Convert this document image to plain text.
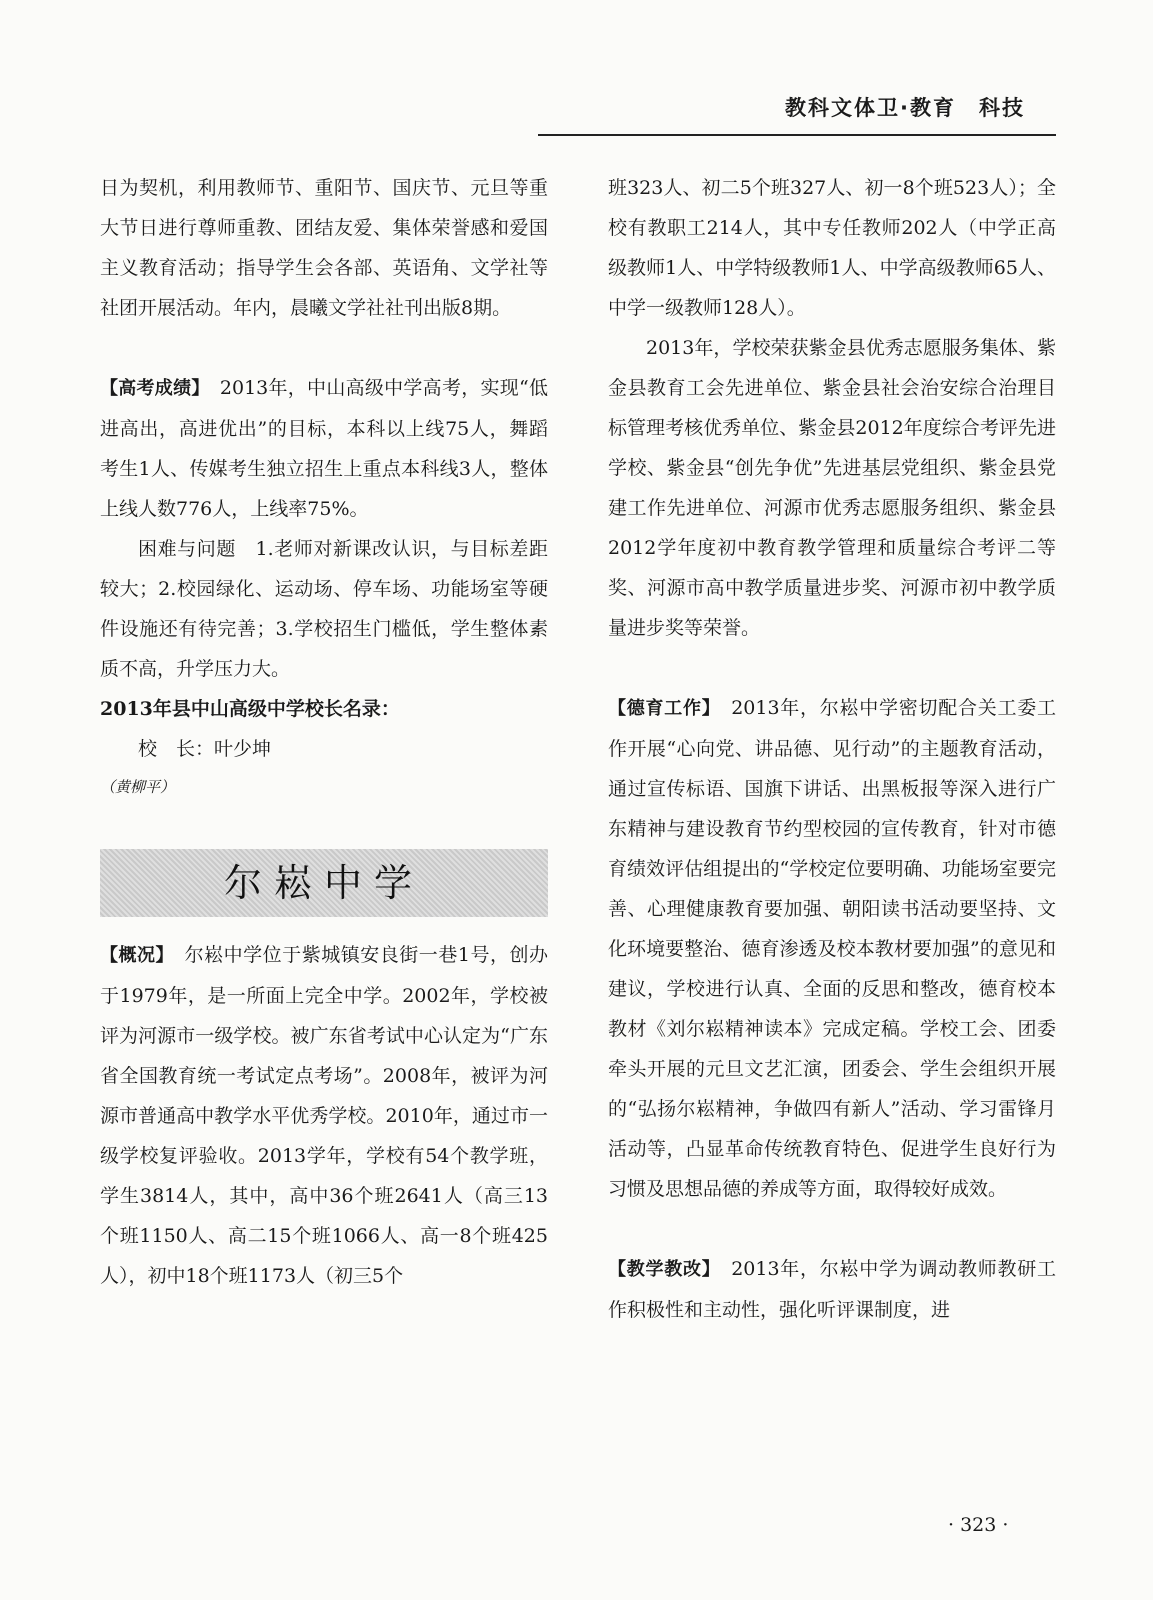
教科文体卫·教育　科技

日为契机，利用教师节、重阳节、国庆节、元旦等重大节日进行尊师重教、团结友爱、集体荣誉感和爱国主义教育活动；指导学生会各部、英语角、文学社等社团开展活动。年内，晨曦文学社社刊出版8期。

【高考成绩】　2013年，中山高级中学高考，实现“低进高出，高进优出”的目标，本科以上线75人，舞蹈考生1人、传媒考生独立招生上重点本科线3人，整体上线人数776人，上线率75%。

困难与问题　1.老师对新课改认识，与目标差距较大；2.校园绿化、运动场、停车场、功能场室等硬件设施还有待完善；3.学校招生门槛低，学生整体素质不高，升学压力大。

2013年县中山高级中学校长名录：

校　长：叶少坤

（黄柳平）

尔崧中学

【概况】　尔崧中学位于紫城镇安良街一巷1号，创办于1979年，是一所面上完全中学。2002年，学校被评为河源市一级学校。被广东省考试中心认定为“广东省全国教育统一考试定点考场”。2008年，被评为河源市普通高中教学水平优秀学校。2010年，通过市一级学校复评验收。2013学年，学校有54个教学班，学生3814人，其中，高中36个班2641人（高三13个班1150人、高二15个班1066人、高一8个班425人），初中18个班1173人（初三5个

班323人、初二5个班327人、初一8个班523人）；全校有教职工214人，其中专任教师202人（中学正高级教师1人、中学特级教师1人、中学高级教师65人、中学一级教师128人）。

2013年，学校荣获紫金县优秀志愿服务集体、紫金县教育工会先进单位、紫金县社会治安综合治理目标管理考核优秀单位、紫金县2012年度综合考评先进学校、紫金县“创先争优”先进基层党组织、紫金县党建工作先进单位、河源市优秀志愿服务组织、紫金县2012学年度初中教育教学管理和质量综合考评二等奖、河源市高中教学质量进步奖、河源市初中教学质量进步奖等荣誉。

【德育工作】　2013年，尔崧中学密切配合关工委工作开展“心向党、讲品德、见行动”的主题教育活动，通过宣传标语、国旗下讲话、出黑板报等深入进行广东精神与建设教育节约型校园的宣传教育，针对市德育绩效评估组提出的“学校定位要明确、功能场室要完善、心理健康教育要加强、朝阳读书活动要坚持、文化环境要整治、德育渗透及校本教材要加强”的意见和建议，学校进行认真、全面的反思和整改，德育校本教材《刘尔崧精神读本》完成定稿。学校工会、团委牵头开展的元旦文艺汇演，团委会、学生会组织开展的“弘扬尔崧精神，争做四有新人”活动、学习雷锋月活动等，凸显革命传统教育特色、促进学生良好行为习惯及思想品德的养成等方面，取得较好成效。

【教学教改】　2013年，尔崧中学为调动教师教研工作积极性和主动性，强化听评课制度，进

· 323 ·
